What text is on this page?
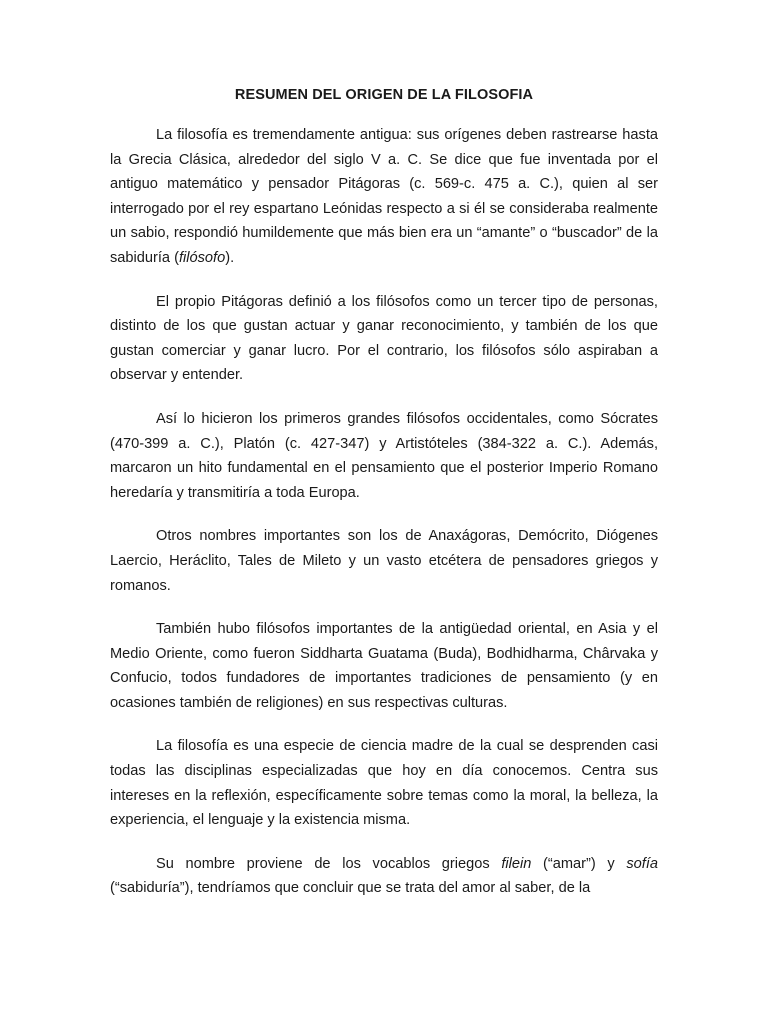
RESUMEN DEL ORIGEN DE LA FILOSOFIA

La filosofía es tremendamente antigua: sus orígenes deben rastrearse hasta la Grecia Clásica, alrededor del siglo V a. C. Se dice que fue inventada por el antiguo matemático y pensador Pitágoras (c. 569-c. 475 a. C.), quien al ser interrogado por el rey espartano Leónidas respecto a si él se consideraba realmente un sabio, respondió humildemente que más bien era un “amante” o “buscador” de la sabiduría (filósofo).

El propio Pitágoras definió a los filósofos como un tercer tipo de personas, distinto de los que gustan actuar y ganar reconocimiento, y también de los que gustan comerciar y ganar lucro. Por el contrario, los filósofos sólo aspiraban a observar y entender.

Así lo hicieron los primeros grandes filósofos occidentales, como Sócrates (470-399 a. C.), Platón (c. 427-347) y Artistóteles (384-322 a. C.). Además, marcaron un hito fundamental en el pensamiento que el posterior Imperio Romano heredaría y transmitiría a toda Europa.

Otros nombres importantes son los de Anaxágoras, Demócrito, Diógenes Laercio, Heráclito, Tales de Mileto y un vasto etcétera de pensadores griegos y romanos.

También hubo filósofos importantes de la antigüedad oriental, en Asia y el Medio Oriente, como fueron Siddharta Guatama (Buda), Bodhidharma, Chârvaka y Confucio, todos fundadores de importantes tradiciones de pensamiento (y en ocasiones también de religiones) en sus respectivas culturas.

La filosofía es una especie de ciencia madre de la cual se desprenden casi todas las disciplinas especializadas que hoy en día conocemos. Centra sus intereses en la reflexión, específicamente sobre temas como la moral, la belleza, la experiencia, el lenguaje y la existencia misma.

Su nombre proviene de los vocablos griegos filein (“amar”) y sofía (“sabiduría”), tendríamos que concluir que se trata del amor al saber, de la
